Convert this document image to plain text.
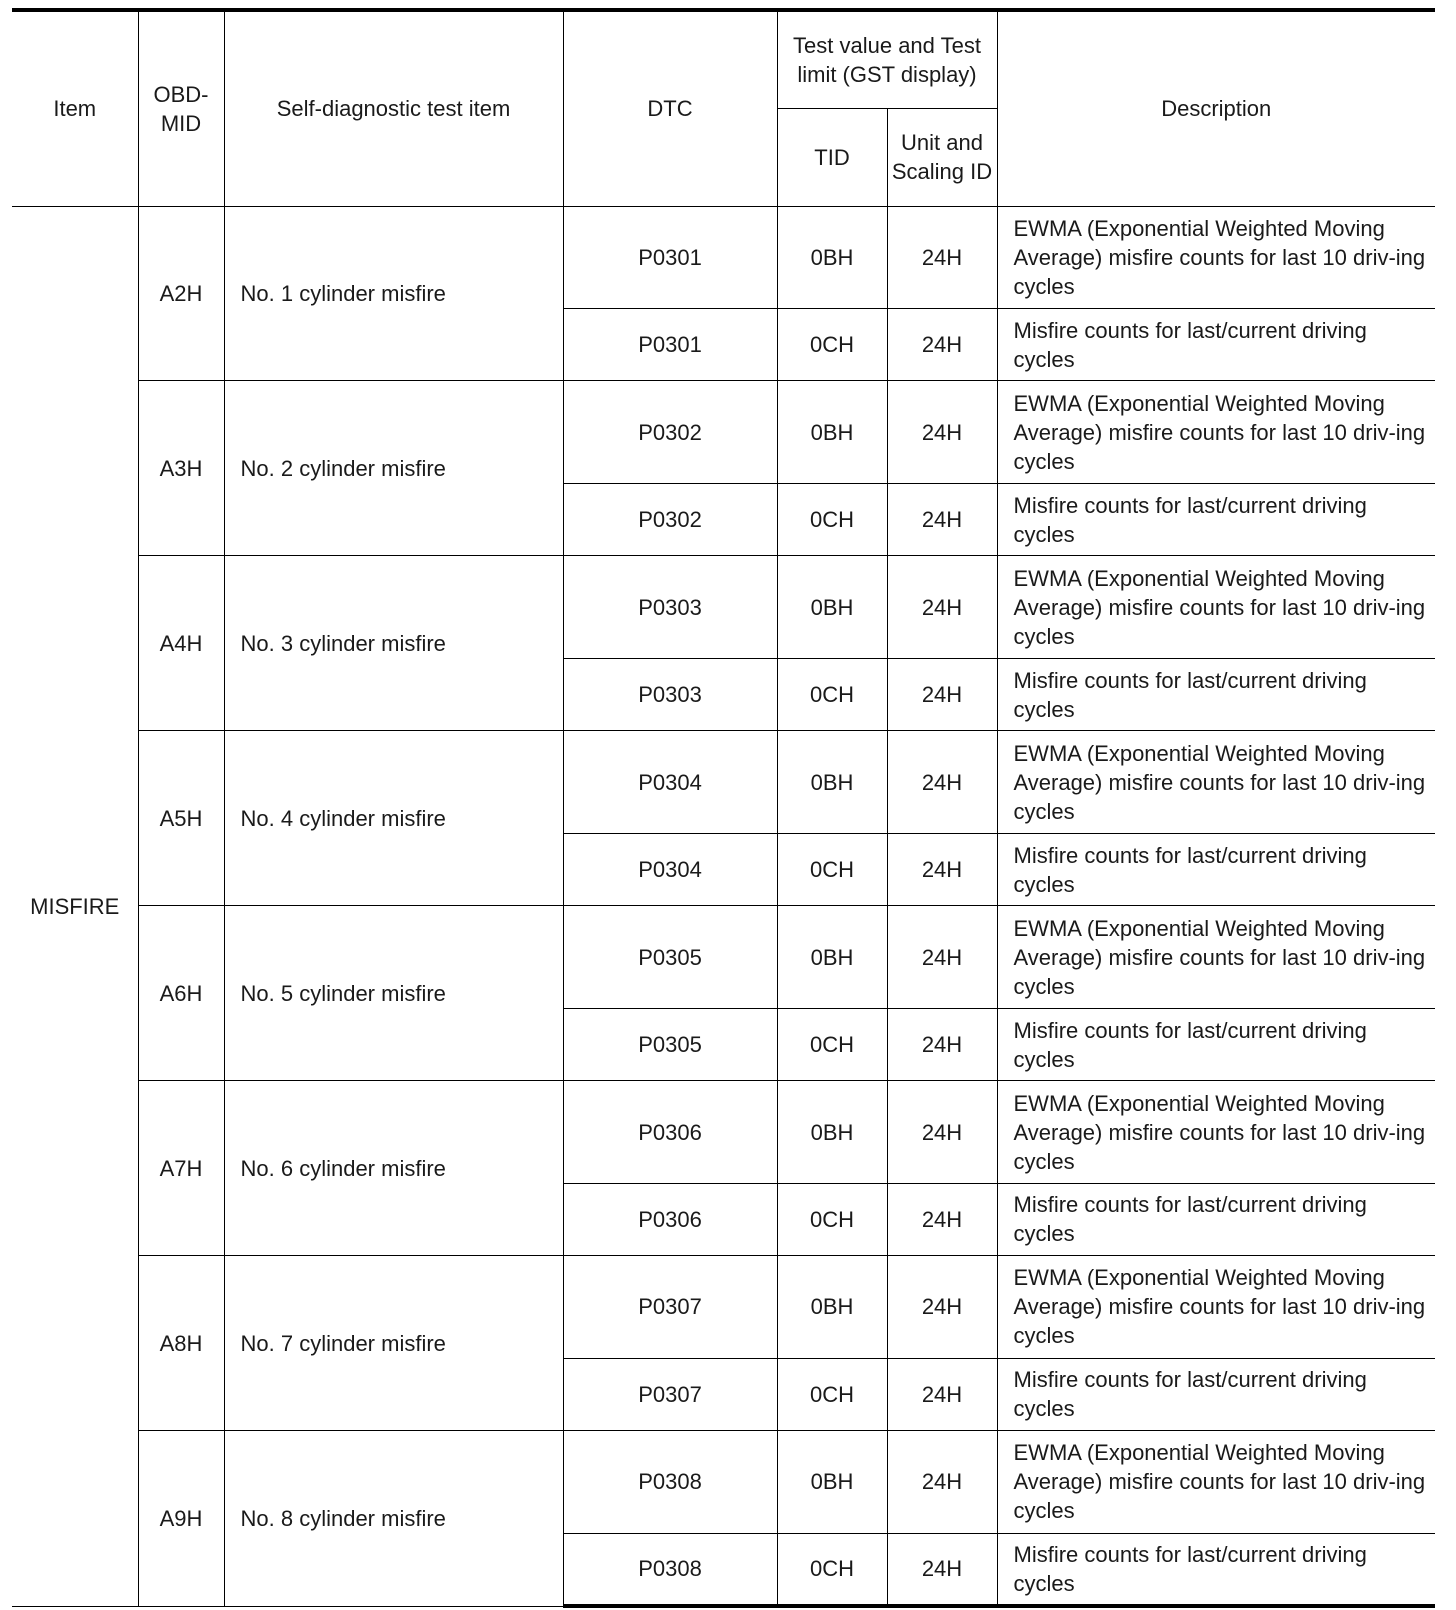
Item	OBD-MID	Self-diagnostic test item	DTC	Test value and Test limit (GST display)		Description
				TID	Unit and Scaling ID	
MISFIRE	A2H	No. 1 cylinder misfire	P0301	0BH	24H	EWMA (Exponential Weighted Moving Average) misfire counts for last 10 driv-ing cycles
			P0301	0CH	24H	Misfire counts for last/current driving cycles
	A3H	No. 2 cylinder misfire	P0302	0BH	24H	EWMA (Exponential Weighted Moving Average) misfire counts for last 10 driv-ing cycles
			P0302	0CH	24H	Misfire counts for last/current driving cycles
	A4H	No. 3 cylinder misfire	P0303	0BH	24H	EWMA (Exponential Weighted Moving Average) misfire counts for last 10 driv-ing cycles
			P0303	0CH	24H	Misfire counts for last/current driving cycles
	A5H	No. 4 cylinder misfire	P0304	0BH	24H	EWMA (Exponential Weighted Moving Average) misfire counts for last 10 driv-ing cycles
			P0304	0CH	24H	Misfire counts for last/current driving cycles
	A6H	No. 5 cylinder misfire	P0305	0BH	24H	EWMA (Exponential Weighted Moving Average) misfire counts for last 10 driv-ing cycles
			P0305	0CH	24H	Misfire counts for last/current driving cycles
	A7H	No. 6 cylinder misfire	P0306	0BH	24H	EWMA (Exponential Weighted Moving Average) misfire counts for last 10 driv-ing cycles
			P0306	0CH	24H	Misfire counts for last/current driving cycles
	A8H	No. 7 cylinder misfire	P0307	0BH	24H	EWMA (Exponential Weighted Moving Average) misfire counts for last 10 driv-ing cycles
			P0307	0CH	24H	Misfire counts for last/current driving cycles
	A9H	No. 8 cylinder misfire	P0308	0BH	24H	EWMA (Exponential Weighted Moving Average) misfire counts for last 10 driv-ing cycles
			P0308	0CH	24H	Misfire counts for last/current driving cycles
